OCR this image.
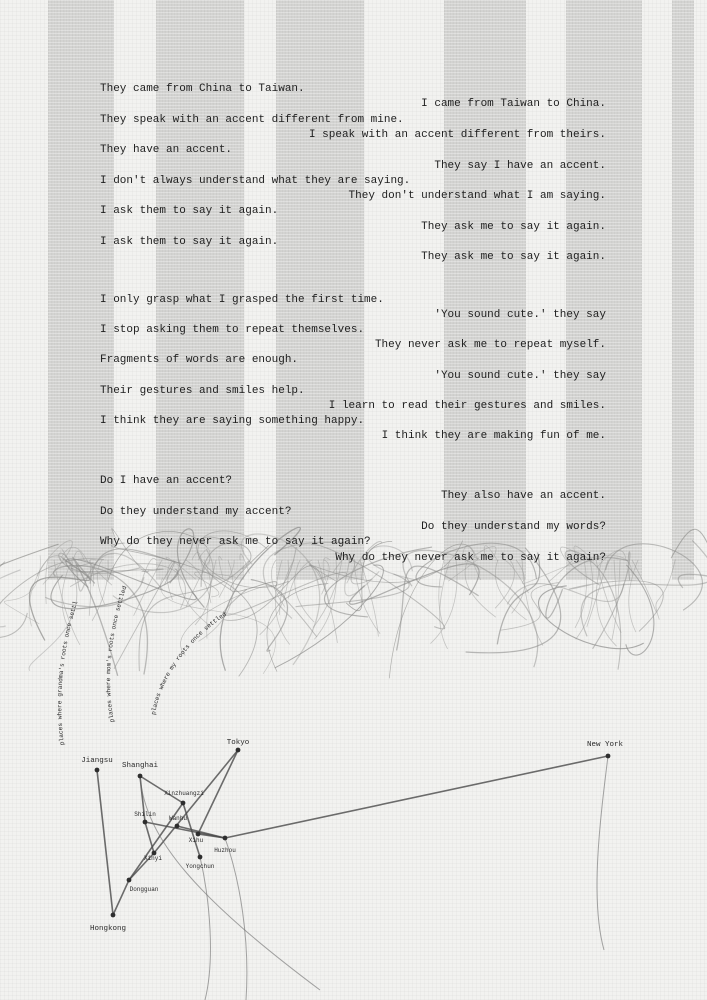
They came from China to Taiwan.
I came from Taiwan to China.
They speak with an accent different from mine.
I speak with an accent different from theirs.
They have an accent.
They say I have an accent.
I don't always understand what they are saying.
They don't understand what I am saying.
I ask them to say it again.
They ask me to say it again.
I ask them to say it again.
They ask me to say it again.
I only grasp what I grasped the first time.
'You sound cute.' they say
I stop asking them to repeat themselves.
They never ask me to repeat myself.
Fragments of words are enough.
'You sound cute.' they say
Their gestures and smiles help.
I learn to read their gestures and smiles.
I think they are saying something happy.
I think they are making fun of me.
Do I have an accent?
They also have an accent.
Do they understand my accent?
Do they understand my words?
Why do they never ask me to say it again?
Why do they never ask me to say it again?
Tokyo
Jiangsu
Shanghai
Xinzhuangzi
Shilin
Wanhu
Xihu
Huzhou
Xinyi
Yongchun
Dongguan
Hongkong
New York
places where grandma's roots once settl
places where mom's roots once settled
places where my roots once settled
